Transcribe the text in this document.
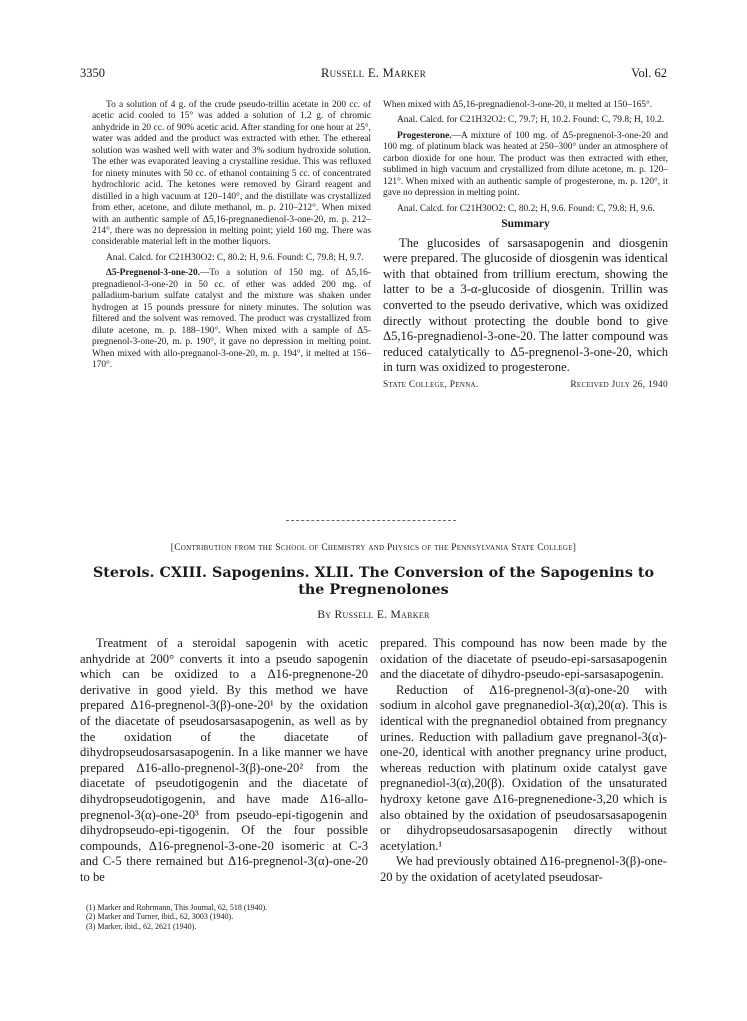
3350	Russell E. Marker	Vol. 62

To a solution of 4 g. of the crude pseudo-trillin acetate in 200 cc. of acetic acid cooled to 15° was added a solution of 1.2 g. of chromic anhydride in 20 cc. of 90% acetic acid. After standing for one hour at 25°, water was added and the product was extracted with ether. The ethereal solution was washed well with water and 3% sodium hydroxide solution. The ether was evaporated leaving a crystalline residue. This was refluxed for ninety minutes with 50 cc. of ethanol containing 5 cc. of concentrated hydrochloric acid. The ketones were removed by Girard reagent and distilled in a high vacuum at 120–140°, and the distillate was crystallized from ether, acetone, and dilute methanol, m. p. 210–212°. When mixed with an authentic sample of Δ5,16-pregnanedienol-3-one-20, m. p. 212–214°, there was no depression in melting point; yield 160 mg. There was considerable material left in the mother liquors.

Anal. Calcd. for C21H30O2: C, 80.2; H, 9.6. Found: C, 79.8; H, 9.7.

Δ5-Pregnenol-3-one-20.—To a solution of 150 mg. of Δ5,16-pregnadienol-3-one-20 in 50 cc. of ether was added 200 mg. of palladium-barium sulfate catalyst and the mixture was shaken under hydrogen at 15 pounds pressure for ninety minutes. The solution was filtered and the solvent was removed. The product was crystallized from dilute acetone, m. p. 188–190°. When mixed with a sample of Δ5-pregnenol-3-one-20, m. p. 190°, it gave no depression in melting point. When mixed with allo-pregnanol-3-one-20, m. p. 194°, it melted at 156–170°.

When mixed with Δ5,16-pregnadienol-3-one-20, it melted at 150–165°.

Anal. Calcd. for C21H32O2: C, 79.7; H, 10.2. Found: C, 79.8; H, 10.2.

Progesterone.—A mixture of 100 mg. of Δ5-pregnenol-3-one-20 and 100 mg. of platinum black was heated at 250–300° under an atmosphere of carbon dioxide for one hour. The product was then extracted with ether, sublimed in high vacuum and crystallized from dilute acetone, m. p. 120–121°. When mixed with an authentic sample of progesterone, m. p. 120°, it gave no depression in melting point.

Anal. Calcd. for C21H30O2: C, 80.2; H, 9.6. Found: C, 79.8; H, 9.6.

Summary

The glucosides of sarsasapogenin and diosgenin were prepared. The glucoside of diosgenin was identical with that obtained from trillium erectum, showing the latter to be a 3-α-glucoside of diosgenin. Trillin was converted to the pseudo derivative, which was oxidized directly without protecting the double bond to give Δ5,16-pregnadienol-3-one-20. The latter compound was reduced catalytically to Δ5-pregnenol-3-one-20, which in turn was oxidized to progesterone.

State College, Penna.	Received July 26, 1940
[Contribution from the School of Chemistry and Physics of the Pennsylvania State College]
Sterols. CXIII. Sapogenins. XLII. The Conversion of the Sapogenins to the Pregnenolones
By Russell E. Marker

Treatment of a steroidal sapogenin with acetic anhydride at 200° converts it into a pseudo sapogenin which can be oxidized to a Δ16-pregnenone-20 derivative in good yield. By this method we have prepared Δ16-pregnenol-3(β)-one-20¹ by the oxidation of the diacetate of pseudosarsasapogenin, as well as by the oxidation of the diacetate of dihydropseudosarsasapogenin. In a like manner we have prepared Δ16-allo-pregnenol-3(β)-one-20² from the diacetate of pseudotigogenin and the diacetate of dihydropseudotigogenin, and have made Δ16-allo-pregnenol-3(α)-one-20³ from pseudo-epi-tigogenin and dihydropseudo-epi-tigogenin. Of the four possible compounds, Δ16-pregnenol-3-one-20 isomeric at C-3 and C-5 there remained but Δ16-pregnenol-3(α)-one-20 to be

prepared. This compound has now been made by the oxidation of the diacetate of pseudo-epi-sarsasapogenin and the diacetate of dihydro-pseudo-epi-sarsasapogenin.

Reduction of Δ16-pregnenol-3(α)-one-20 with sodium in alcohol gave pregnanediol-3(α),20(α). This is identical with the pregnanediol obtained from pregnancy urines. Reduction with palladium gave pregnanol-3(α)-one-20, identical with another pregnancy urine product, whereas reduction with platinum oxide catalyst gave pregnanediol-3(α),20(β). Oxidation of the unsaturated hydroxy ketone gave Δ16-pregnenedione-3,20 which is also obtained by the oxidation of pseudosarsasapogenin or dihydropseudosarsasapogenin directly without acetylation.¹

We had previously obtained Δ16-pregnenol-3(β)-one-20 by the oxidation of acetylated pseudosar-

(1) Marker and Rohrmann, This Journal, 62, 518 (1940).
(2) Marker and Turner, ibid., 62, 3003 (1940).
(3) Marker, ibid., 62, 2621 (1940).
